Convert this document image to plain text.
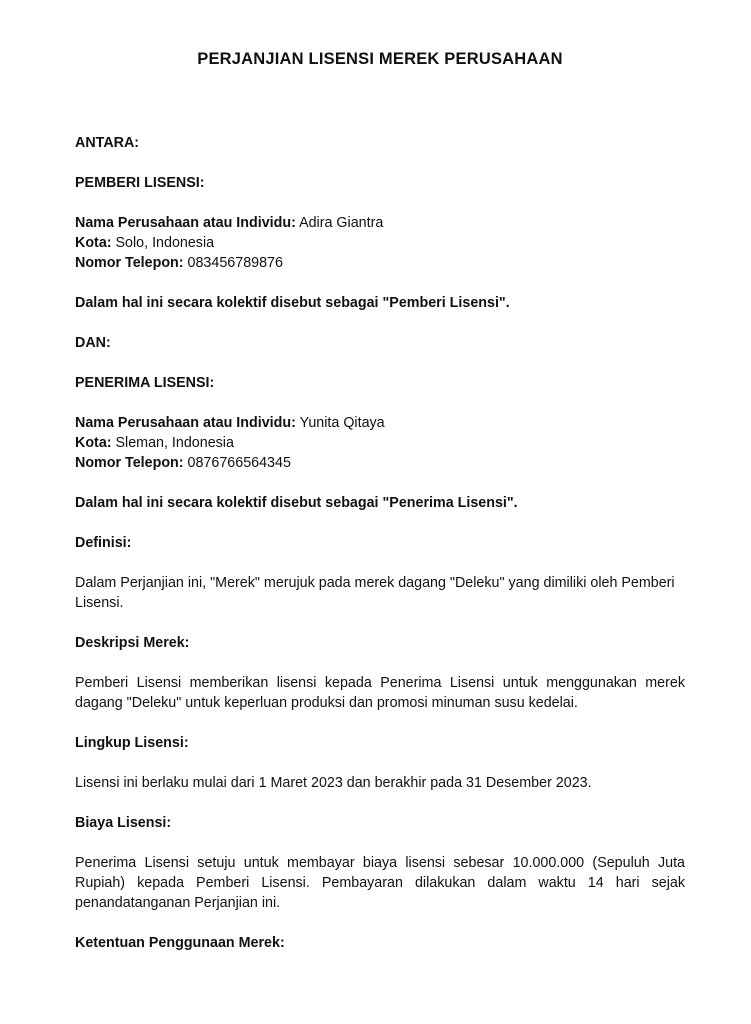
PERJANJIAN LISENSI MEREK PERUSAHAAN

ANTARA:

PEMBERI LISENSI:

Nama Perusahaan atau Individu: Adira Giantra

Kota: Solo, Indonesia

Nomor Telepon: 083456789876

Dalam hal ini secara kolektif disebut sebagai "Pemberi Lisensi".

DAN:

PENERIMA LISENSI:

Nama Perusahaan atau Individu: Yunita Qitaya

Kota: Sleman, Indonesia

Nomor Telepon: 0876766564345

Dalam hal ini secara kolektif disebut sebagai "Penerima Lisensi".

Definisi:

Dalam Perjanjian ini, "Merek" merujuk pada merek dagang "Deleku" yang dimiliki oleh Pemberi Lisensi.

Deskripsi Merek:

Pemberi Lisensi memberikan lisensi kepada Penerima Lisensi untuk menggunakan merek dagang "Deleku" untuk keperluan produksi dan promosi minuman susu kedelai.

Lingkup Lisensi:

Lisensi ini berlaku mulai dari 1 Maret 2023 dan berakhir pada 31 Desember 2023.

Biaya Lisensi:

Penerima Lisensi setuju untuk membayar biaya lisensi sebesar 10.000.000 (Sepuluh Juta Rupiah) kepada Pemberi Lisensi. Pembayaran dilakukan dalam waktu 14 hari sejak penandatanganan Perjanjian ini.

Ketentuan Penggunaan Merek:
